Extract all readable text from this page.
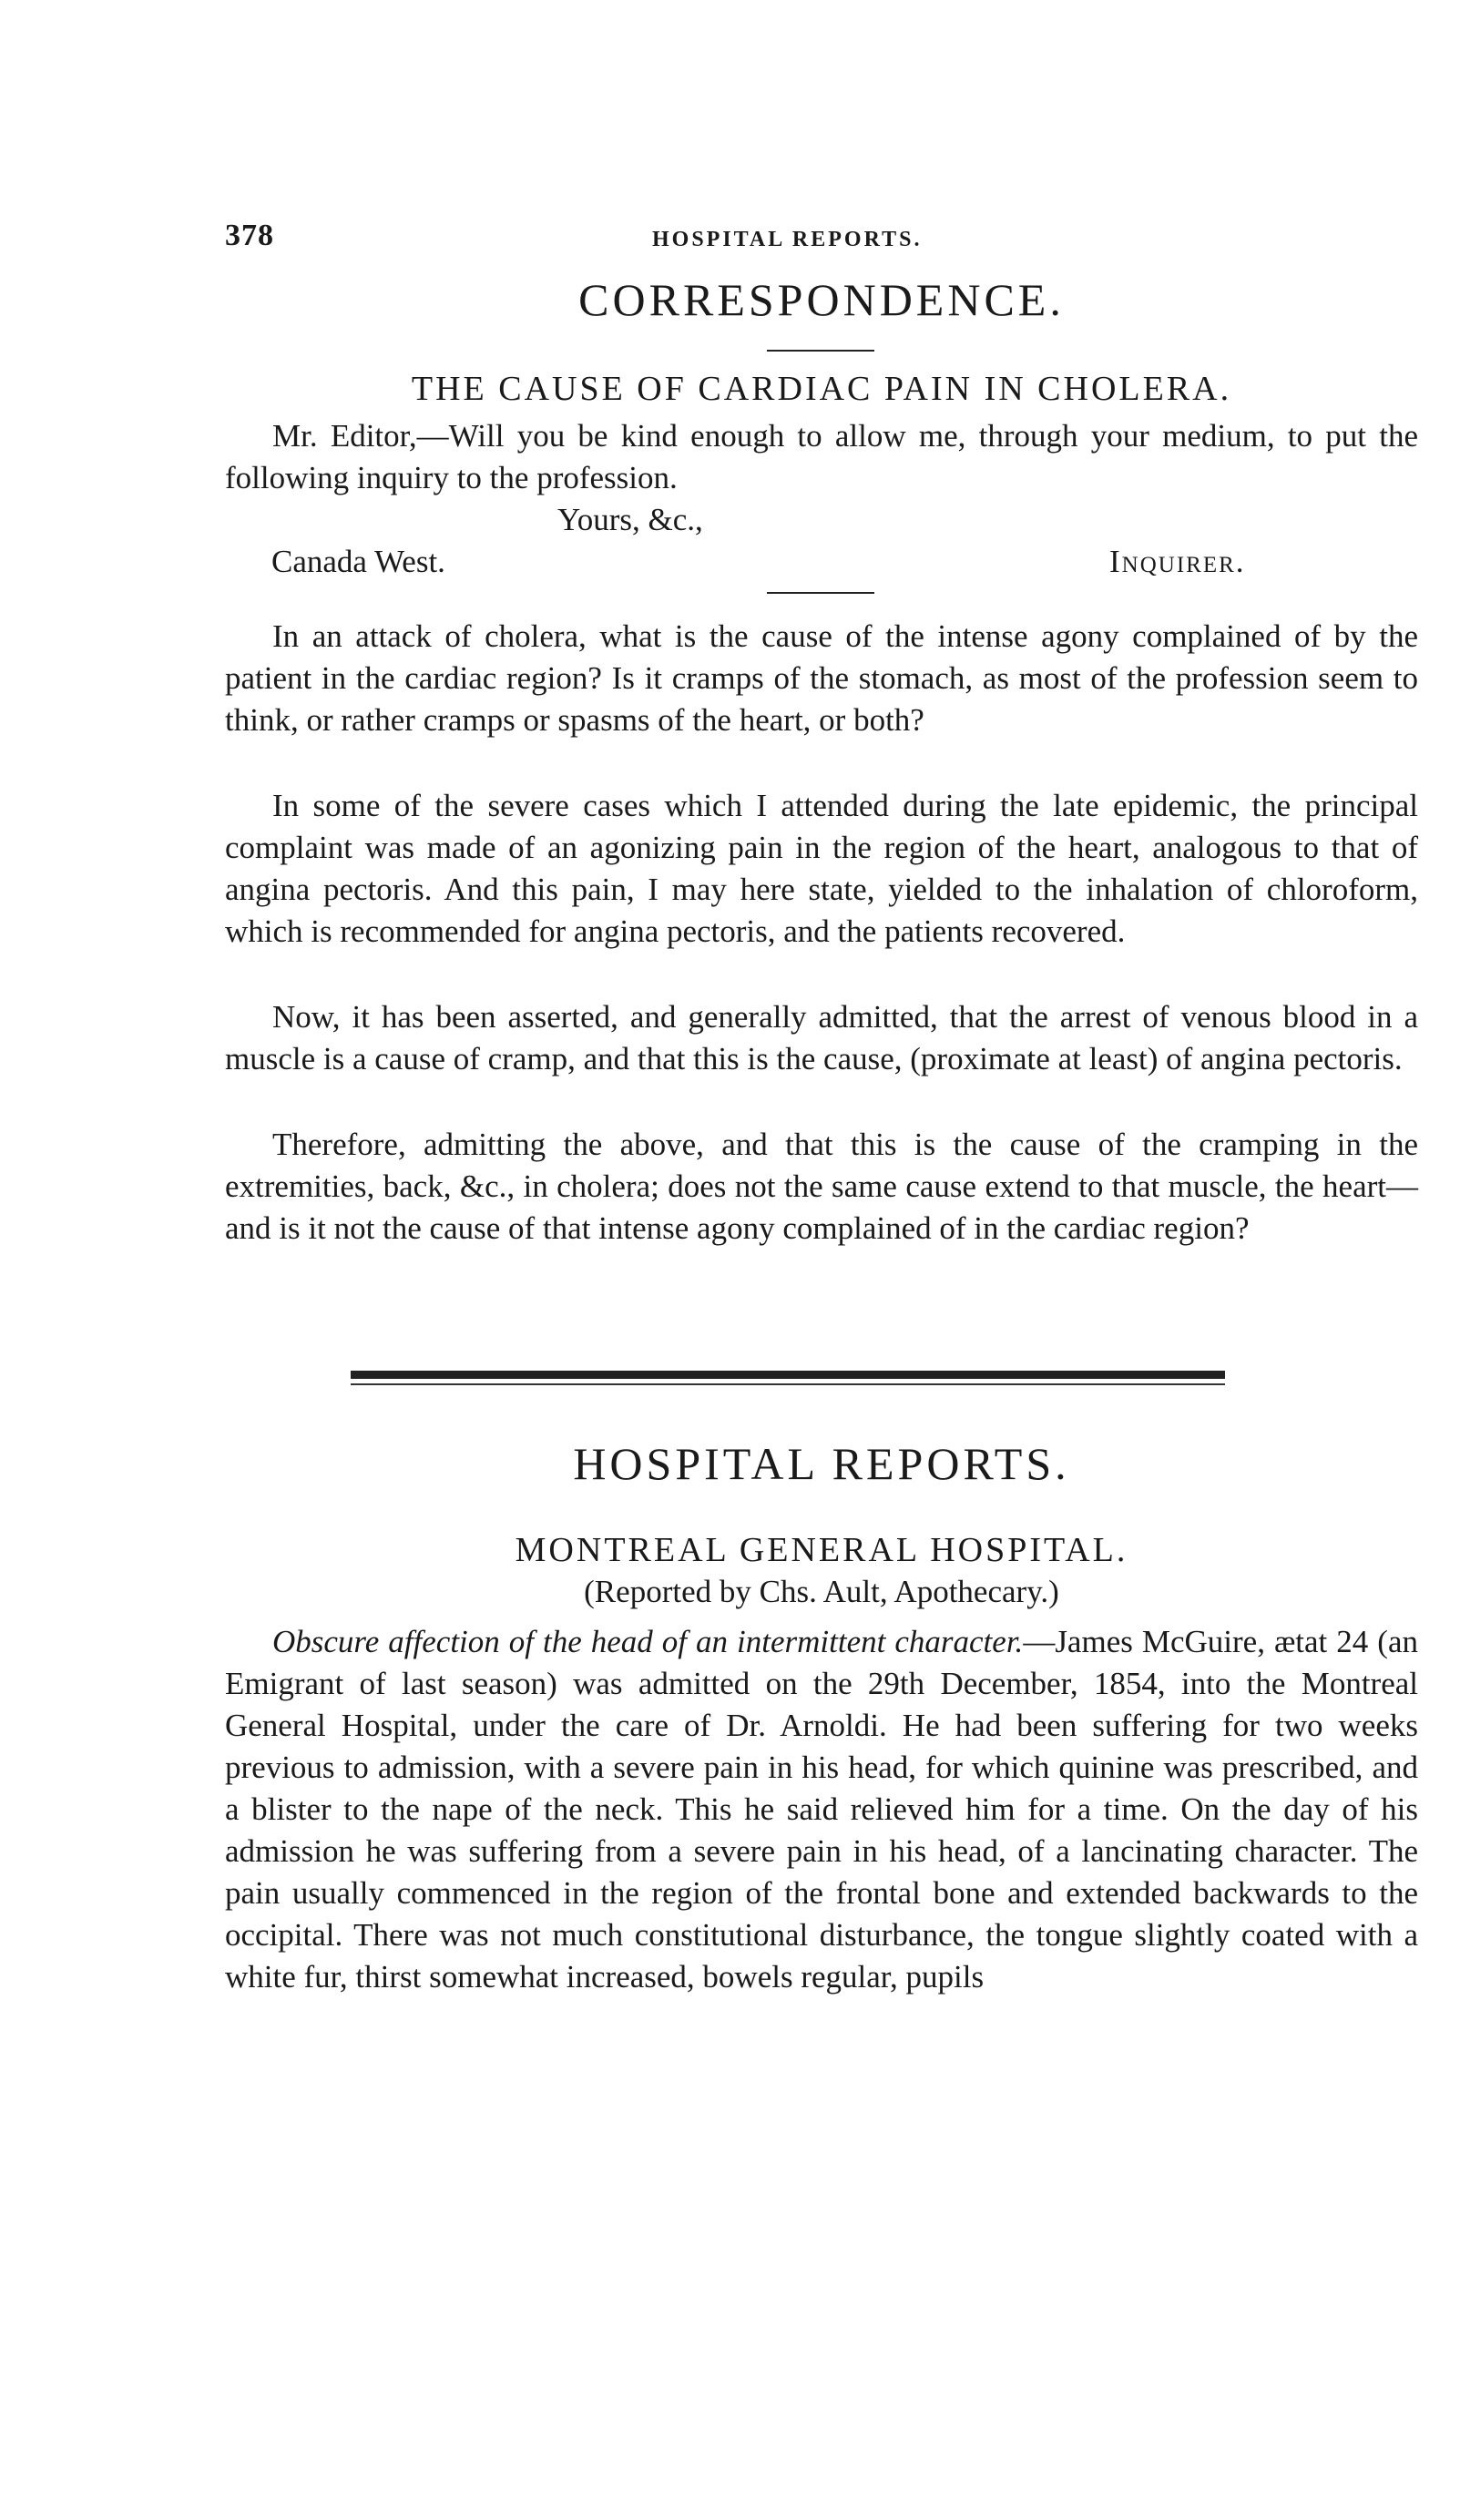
378	HOSPITAL REPORTS.
CORRESPONDENCE.
THE CAUSE OF CARDIAC PAIN IN CHOLERA.

Mr. Editor,—Will you be kind enough to allow me, through your medium, to put the following inquiry to the profession.

Yours, &c.,
Canada West.	Inquirer.

In an attack of cholera, what is the cause of the intense agony complained of by the patient in the cardiac region? Is it cramps of the stomach, as most of the profession seem to think, or rather cramps or spasms of the heart, or both?

In some of the severe cases which I attended during the late epidemic, the principal complaint was made of an agonizing pain in the region of the heart, analogous to that of angina pectoris. And this pain, I may here state, yielded to the inhalation of chloroform, which is recommended for angina pectoris, and the patients recovered.

Now, it has been asserted, and generally admitted, that the arrest of venous blood in a muscle is a cause of cramp, and that this is the cause, (proximate at least) of angina pectoris.

Therefore, admitting the above, and that this is the cause of the cramping in the extremities, back, &c., in cholera; does not the same cause extend to that muscle, the heart—and is it not the cause of that intense agony complained of in the cardiac region?

HOSPITAL REPORTS.
MONTREAL GENERAL HOSPITAL.
(Reported by Chs. Ault, Apothecary.)

Obscure affection of the head of an intermittent character.—James McGuire, ætat 24 (an Emigrant of last season) was admitted on the 29th December, 1854, into the Montreal General Hospital, under the care of Dr. Arnoldi. He had been suffering for two weeks previous to admission, with a severe pain in his head, for which quinine was prescribed, and a blister to the nape of the neck. This he said relieved him for a time. On the day of his admission he was suffering from a severe pain in his head, of a lancinating character. The pain usually commenced in the region of the frontal bone and extended backwards to the occipital. There was not much constitutional disturbance, the tongue slightly coated with a white fur, thirst somewhat increased, bowels regular, pupils
